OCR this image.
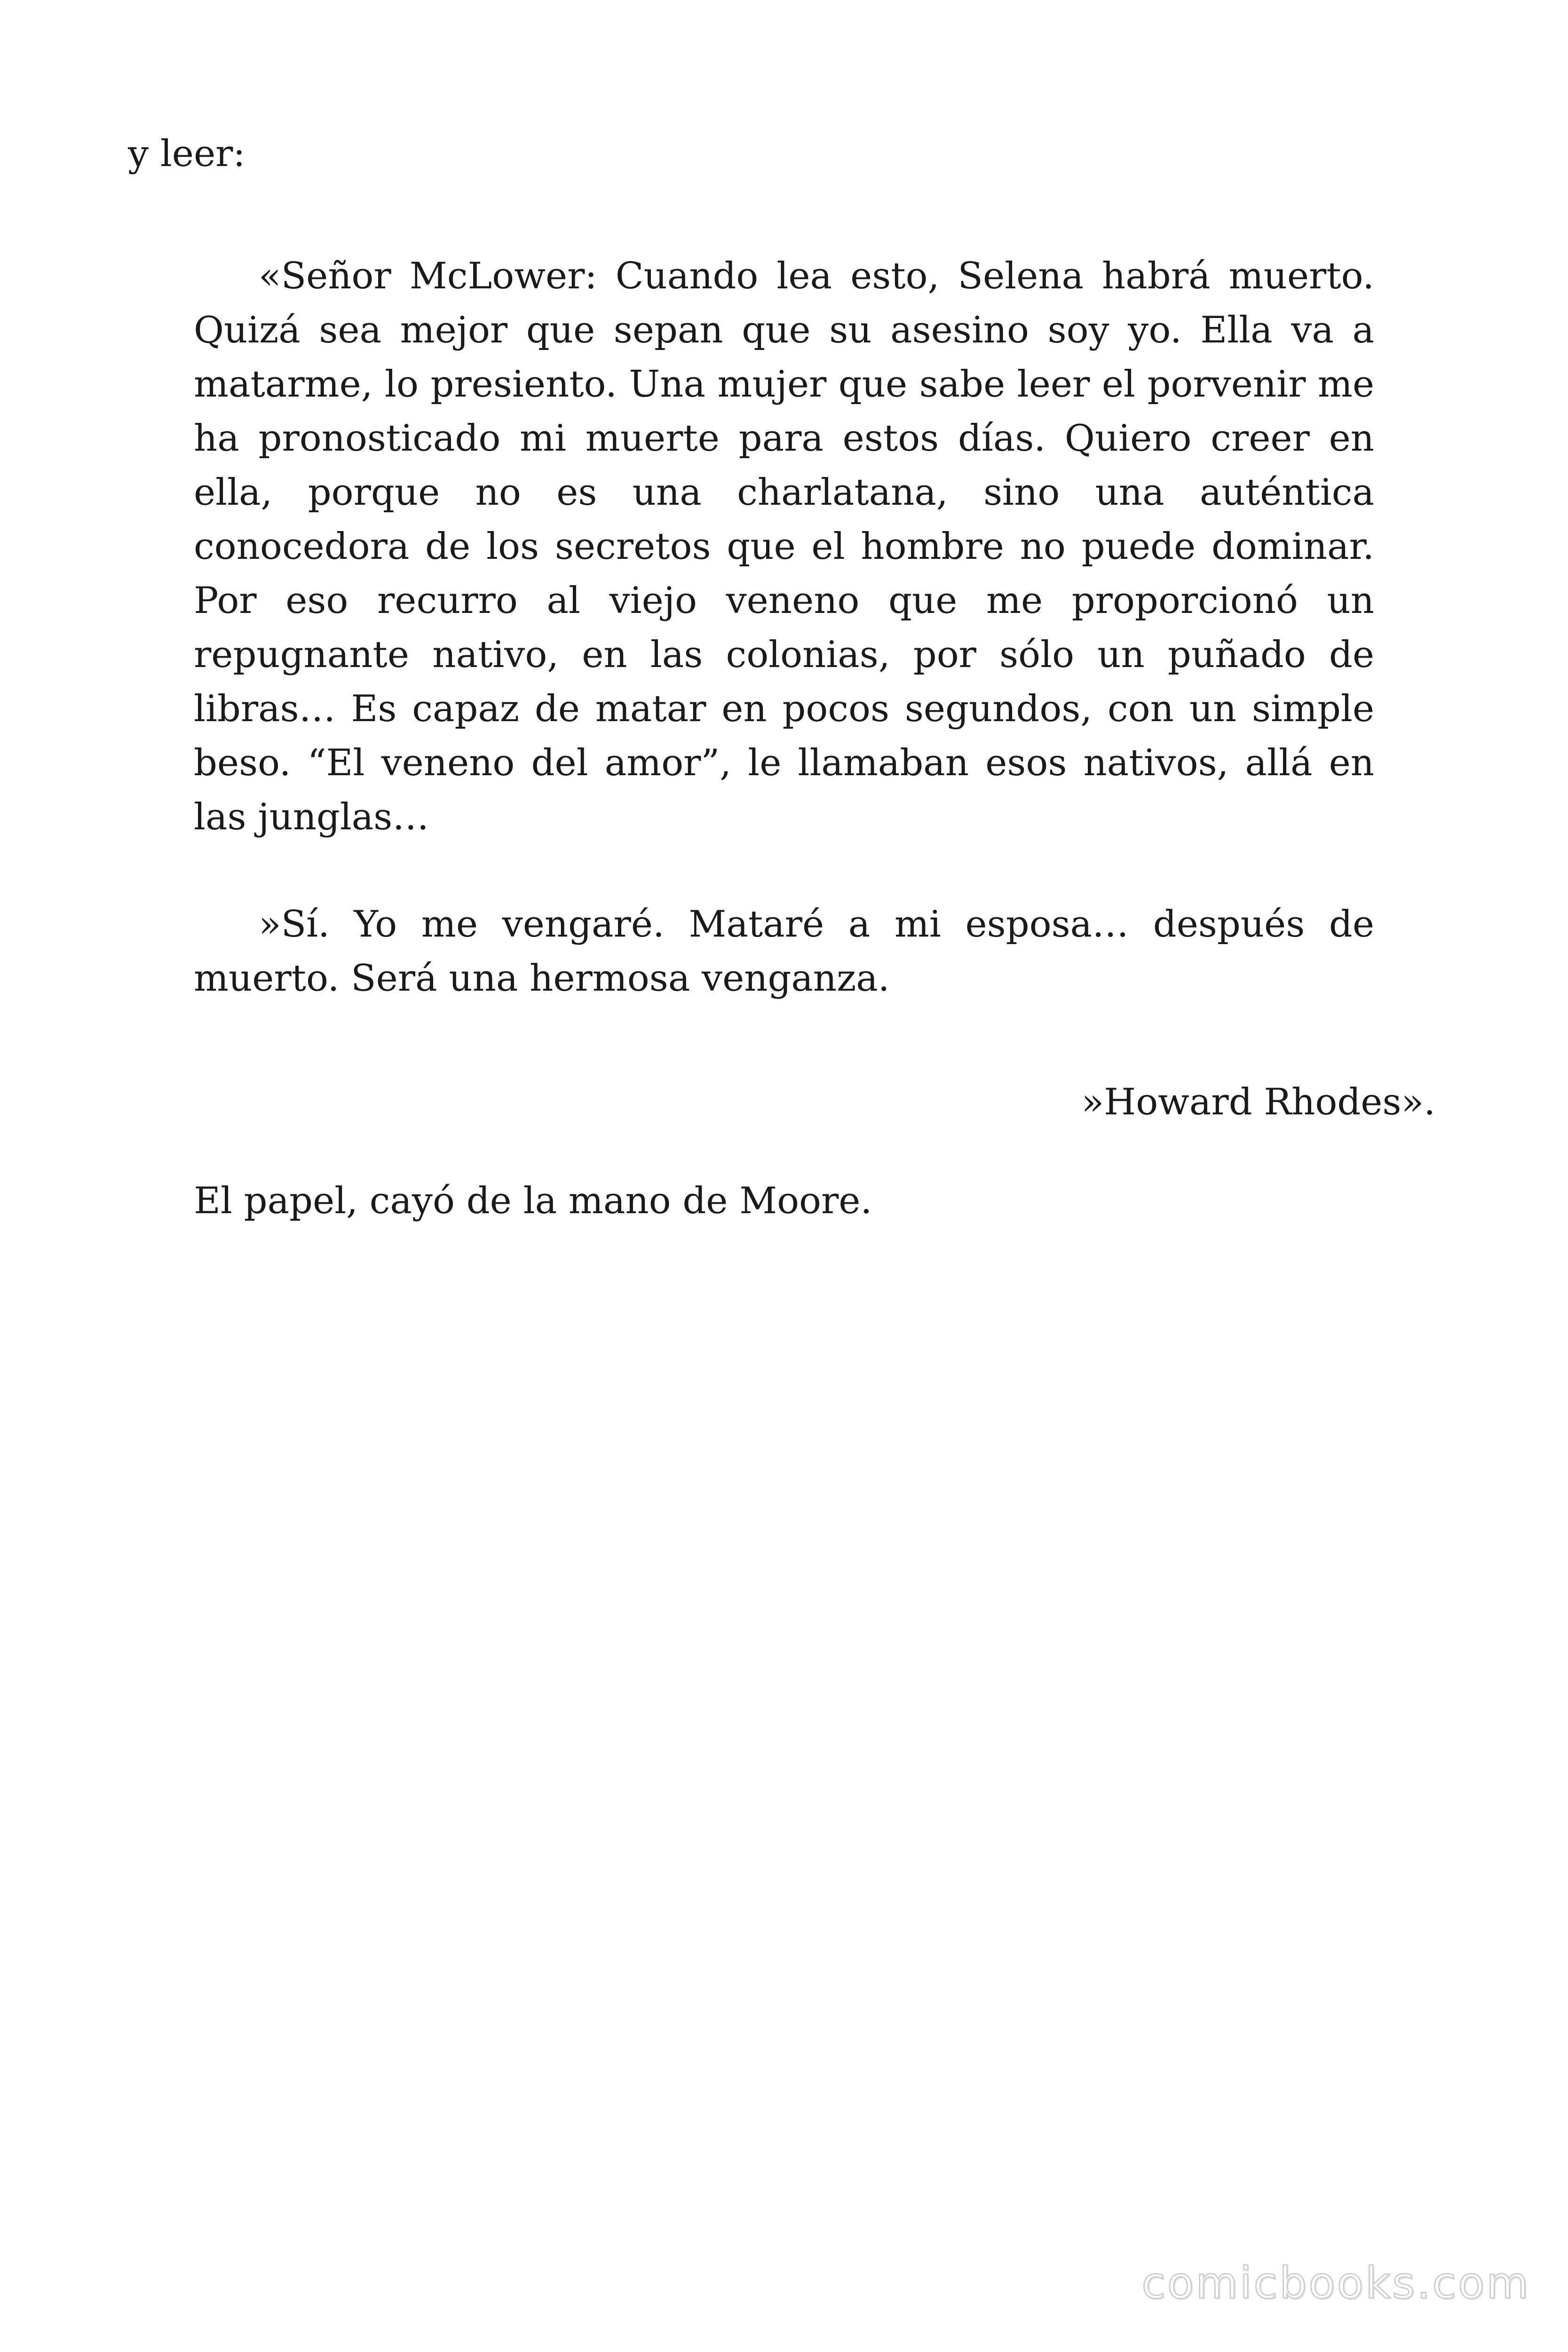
y leer:

«Señor McLower: Cuando lea esto, Selena habrá muerto. Quizá sea mejor que sepan que su asesino soy yo. Ella va a matarme, lo presiento. Una mujer que sabe leer el porvenir me ha pronosticado mi muerte para estos días. Quiero creer en ella, porque no es una charlatana, sino una auténtica conocedora de los secretos que el hombre no puede dominar. Por eso recurro al viejo veneno que me proporcionó un repugnante nativo, en las colonias, por sólo un puñado de libras… Es capaz de matar en pocos segundos, con un simple beso. “El veneno del amor”, le llamaban esos nativos, allá en las junglas…

»Sí. Yo me vengaré. Mataré a mi esposa… después de muerto. Será una hermosa venganza.

»Howard Rhodes».

El papel, cayó de la mano de Moore.

comicbooks.com
